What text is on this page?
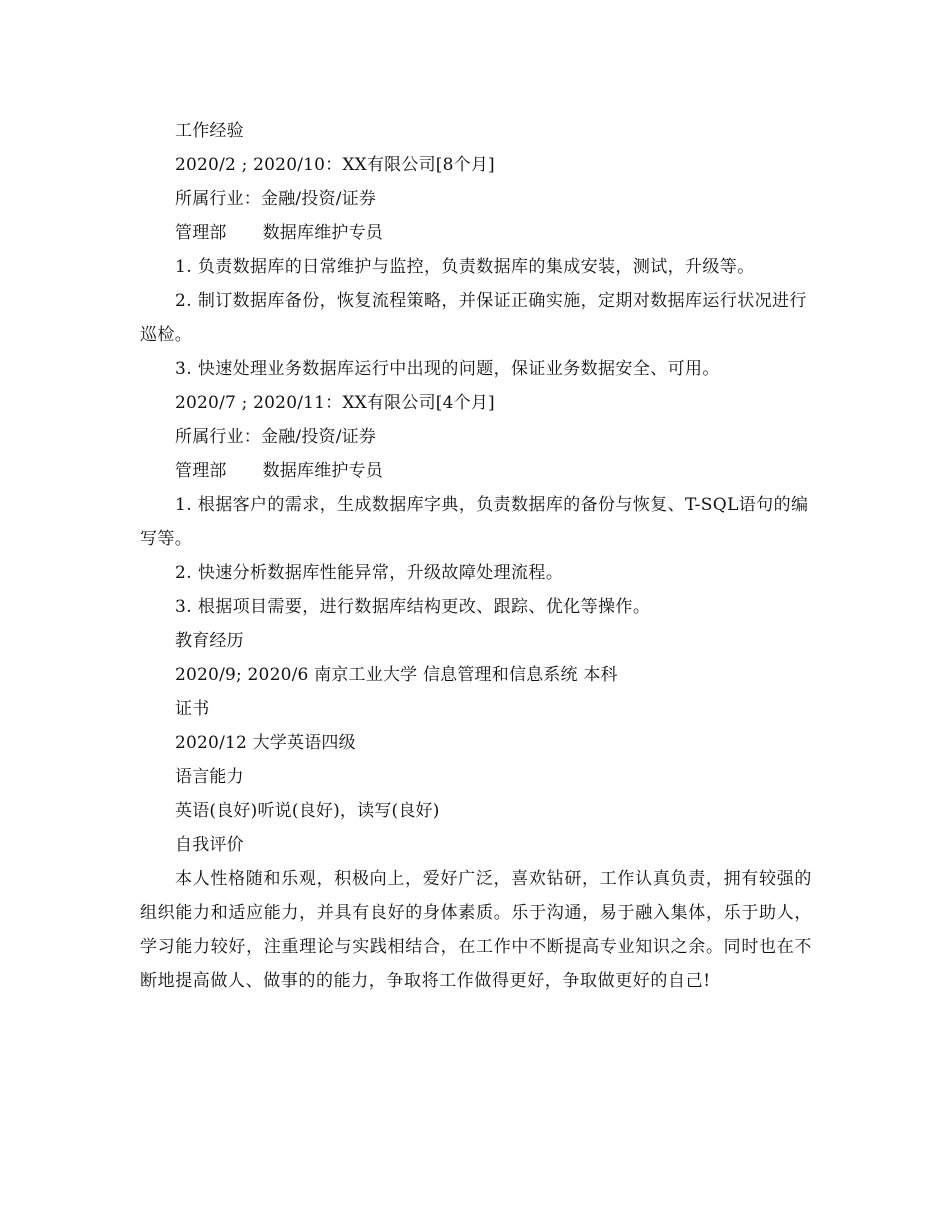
工作经验
2020/2 ; 2020/10：XX有限公司[8个月]
所属行业：金融/投资/证券
管理部 数据库维护专员
1. 负责数据库的日常维护与监控，负责数据库的集成安装，测试，升级等。
2. 制订数据库备份，恢复流程策略，并保证正确实施，定期对数据库运行状况进行巡检。
3. 快速处理业务数据库运行中出现的问题，保证业务数据安全、可用。
2020/7 ; 2020/11：XX有限公司[4个月]
所属行业：金融/投资/证券
管理部 数据库维护专员
1. 根据客户的需求，生成数据库字典，负责数据库的备份与恢复、T-SQL语句的编写等。
2. 快速分析数据库性能异常，升级故障处理流程。
3. 根据项目需要，进行数据库结构更改、跟踪、优化等操作。
教育经历
2020/9; 2020/6 南京工业大学 信息管理和信息系统 本科
证书
2020/12 大学英语四级
语言能力
英语(良好)听说(良好)，读写(良好)
自我评价
本人性格随和乐观，积极向上，爱好广泛，喜欢钻研，工作认真负责，拥有较强的组织能力和适应能力，并具有良好的身体素质。乐于沟通，易于融入集体，乐于助人，学习能力较好，注重理论与实践相结合，在工作中不断提高专业知识之余。同时也在不断地提高做人、做事的的能力，争取将工作做得更好，争取做更好的自己!
